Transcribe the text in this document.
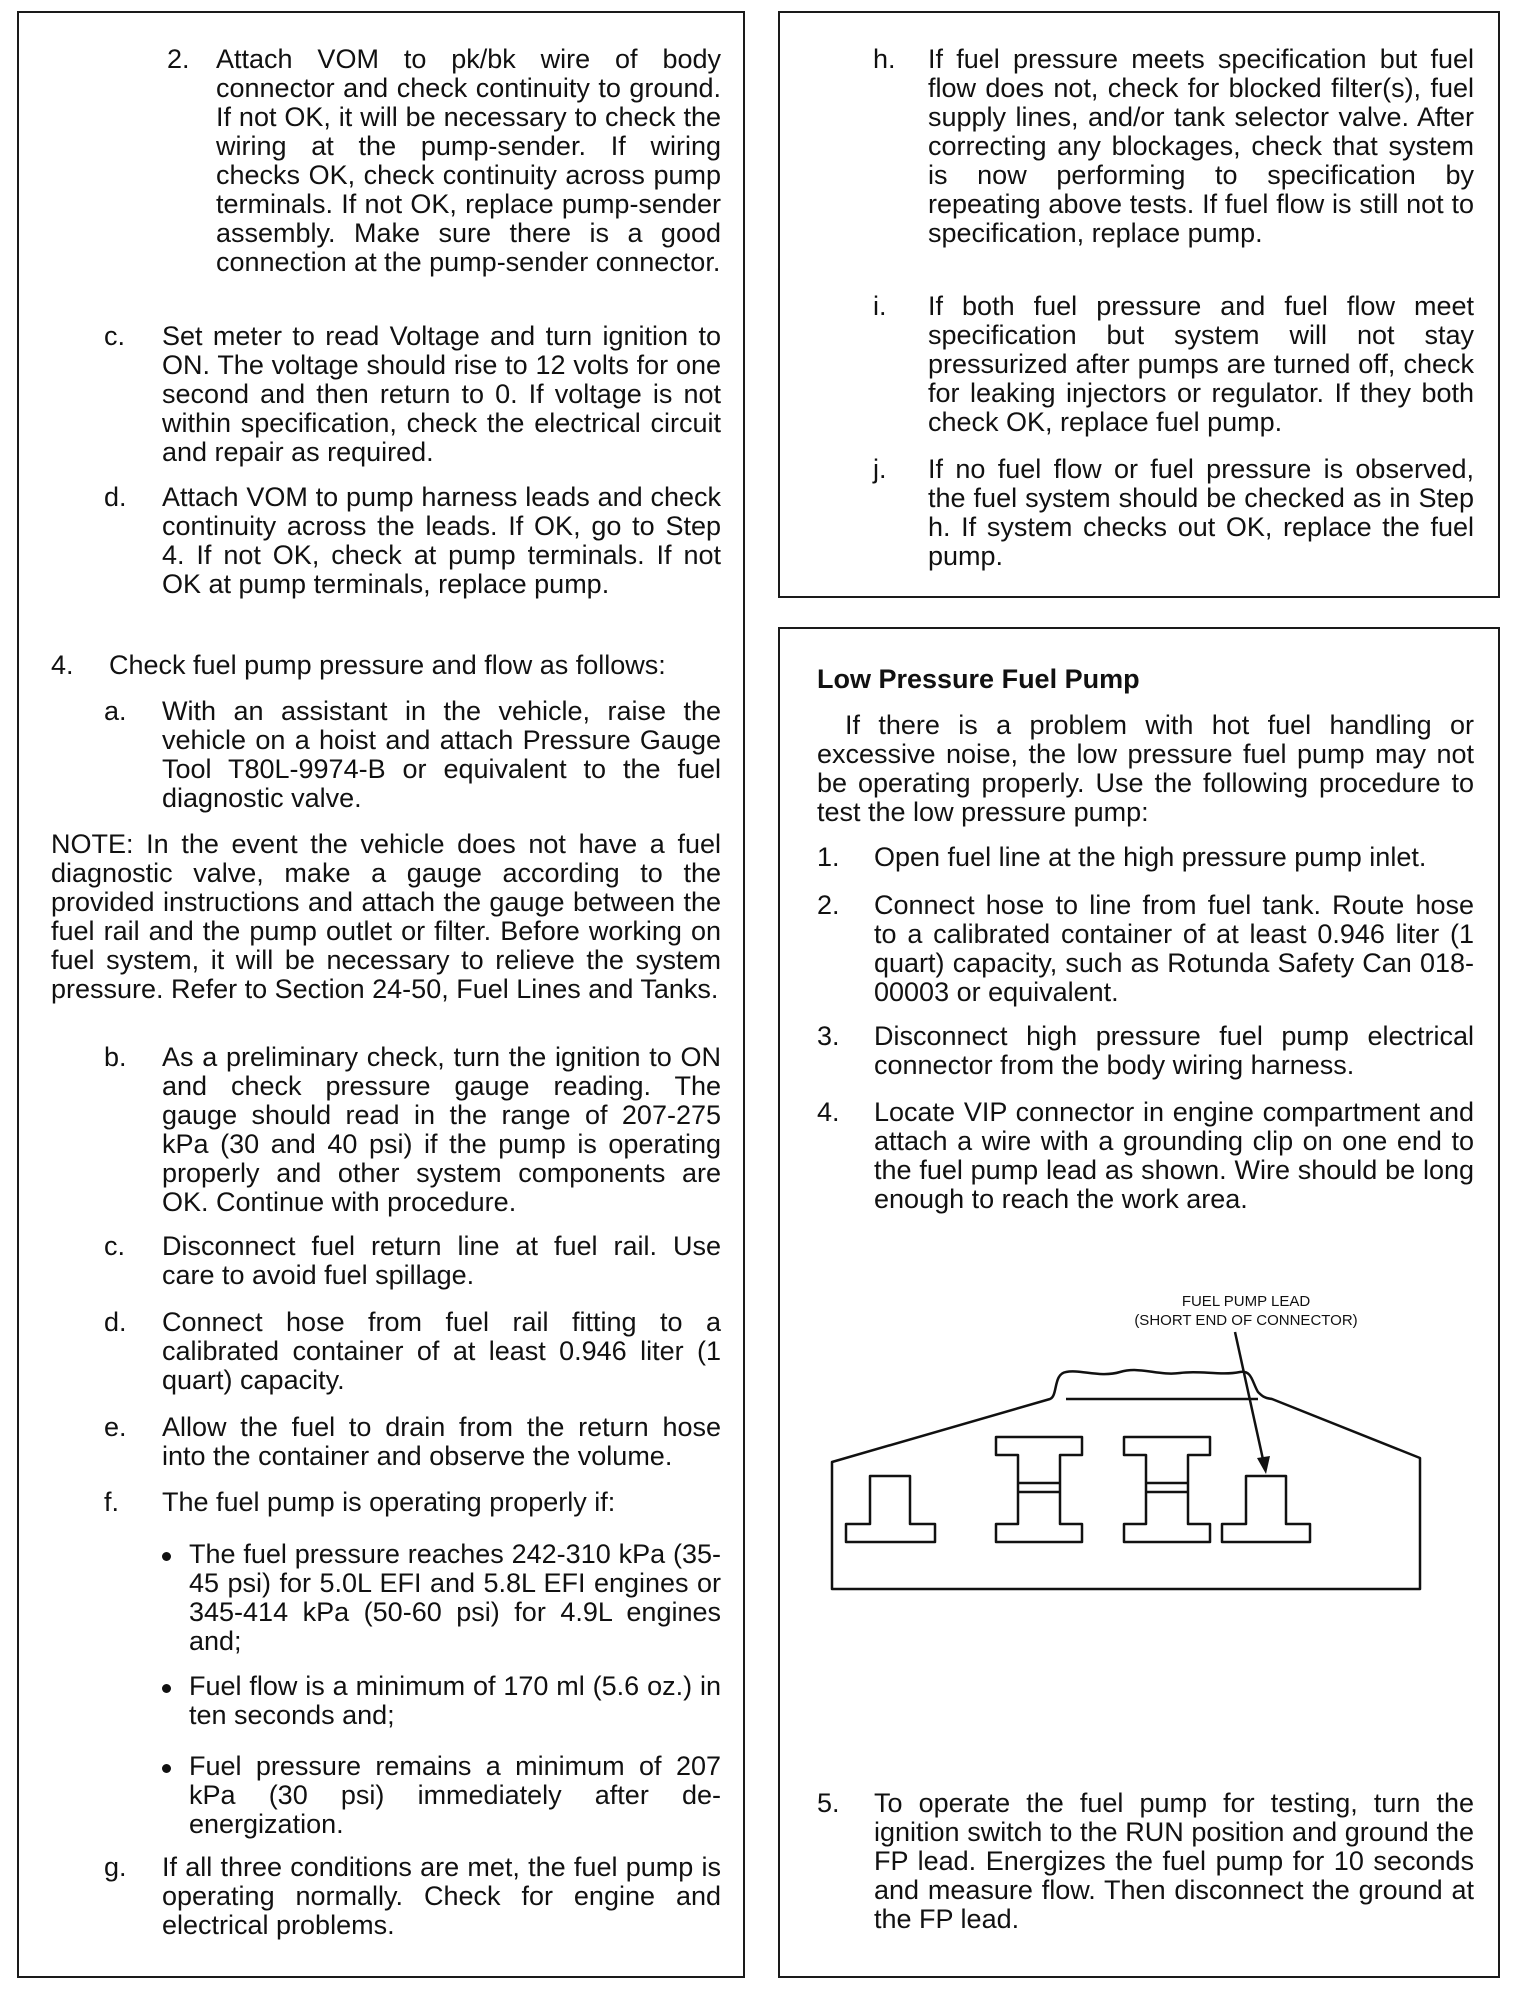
2. Attach VOM to pk/bk wire of body connector and check continuity to ground. If not OK, it will be necessary to check the wiring at the pump-sender. If wiring checks OK, check continuity across pump terminals. If not OK, replace pump-sender assembly. Make sure there is a good connection at the pump-sender connector.
c. Set meter to read Voltage and turn ignition to ON. The voltage should rise to 12 volts for one second and then return to 0. If voltage is not within specification, check the electrical circuit and repair as required.
d. Attach VOM to pump harness leads and check continuity across the leads. If OK, go to Step 4. If not OK, check at pump terminals. If not OK at pump terminals, replace pump.
4. Check fuel pump pressure and flow as follows:
a. With an assistant in the vehicle, raise the vehicle on a hoist and attach Pressure Gauge Tool T80L-9974-B or equivalent to the fuel diagnostic valve.
NOTE: In the event the vehicle does not have a fuel diagnostic valve, make a gauge according to the provided instructions and attach the gauge between the fuel rail and the pump outlet or filter. Before working on fuel system, it will be necessary to relieve the system pressure. Refer to Section 24-50, Fuel Lines and Tanks.
b. As a preliminary check, turn the ignition to ON and check pressure gauge reading. The gauge should read in the range of 207-275 kPa (30 and 40 psi) if the pump is operating properly and other system components are OK. Continue with procedure.
c. Disconnect fuel return line at fuel rail. Use care to avoid fuel spillage.
d. Connect hose from fuel rail fitting to a calibrated container of at least 0.946 liter (1 quart) capacity.
e. Allow the fuel to drain from the return hose into the container and observe the volume.
f. The fuel pump is operating properly if:
The fuel pressure reaches 242-310 kPa (35-45 psi) for 5.0L EFI and 5.8L EFI engines or 345-414 kPa (50-60 psi) for 4.9L engines and;
Fuel flow is a minimum of 170 ml (5.6 oz.) in ten seconds and;
Fuel pressure remains a minimum of 207 kPa (30 psi) immediately after de-energization.
g. If all three conditions are met, the fuel pump is operating normally. Check for engine and electrical problems.
h. If fuel pressure meets specification but fuel flow does not, check for blocked filter(s), fuel supply lines, and/or tank selector valve. After correcting any blockages, check that system is now performing to specification by repeating above tests. If fuel flow is still not to specification, replace pump.
i. If both fuel pressure and fuel flow meet specification but system will not stay pressurized after pumps are turned off, check for leaking injectors or regulator. If they both check OK, replace fuel pump.
j. If no fuel flow or fuel pressure is observed, the fuel system should be checked as in Step h. If system checks out OK, replace the fuel pump.
Low Pressure Fuel Pump
If there is a problem with hot fuel handling or excessive noise, the low pressure fuel pump may not be operating properly. Use the following procedure to test the low pressure pump:
1. Open fuel line at the high pressure pump inlet.
2. Connect hose to line from fuel tank. Route hose to a calibrated container of at least 0.946 liter (1 quart) capacity, such as Rotunda Safety Can 018-00003 or equivalent.
3. Disconnect high pressure fuel pump electrical connector from the body wiring harness.
4. Locate VIP connector in engine compartment and attach a wire with a grounding clip on one end to the fuel pump lead as shown. Wire should be long enough to reach the work area.
FUEL PUMP LEAD
(SHORT END OF CONNECTOR)
5. To operate the fuel pump for testing, turn the ignition switch to the RUN position and ground the FP lead. Energizes the fuel pump for 10 seconds and measure flow. Then disconnect the ground at the FP lead.
